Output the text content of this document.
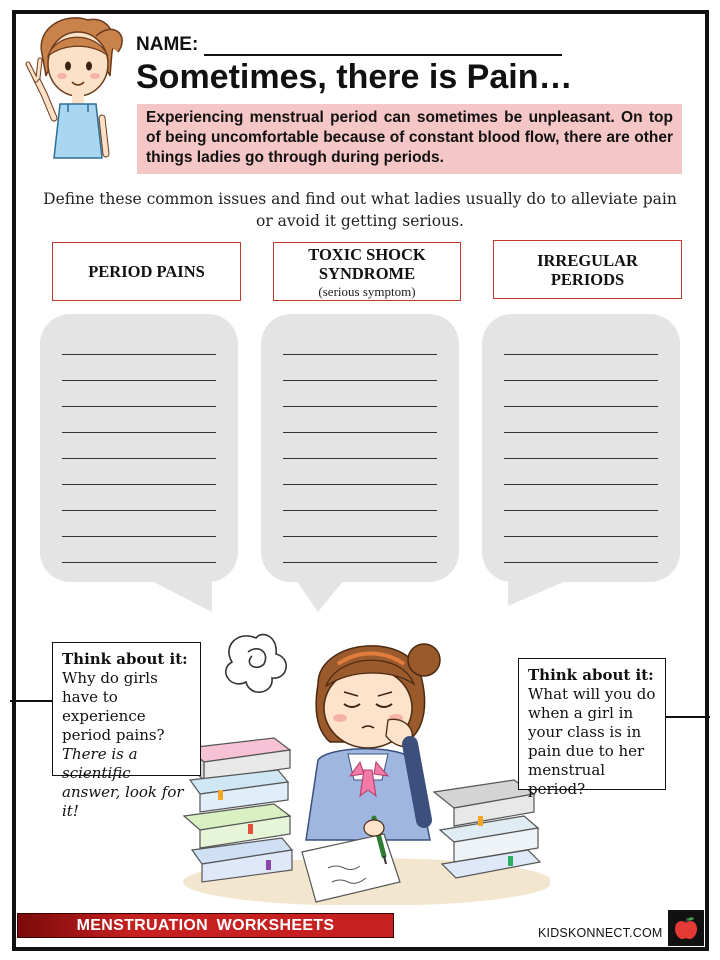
NAME:
Sometimes, there is Pain…

Experiencing menstrual period can sometimes be unpleasant. On top of being uncomfortable because of constant blood flow, there are other things ladies go through during periods.

Define these common issues and find out what ladies usually do to alleviate pain or avoid it getting serious.

PERIOD PAINS
TOXIC SHOCK SYNDROME
(serious symptom)
IRREGULAR PERIODS
Think about it:
Why do girls have to experience period pains? There is a scientific answer, look for it!
Think about it:
What will you do when a girl in your class is in pain due to her menstrual period?
MENSTRUATION WORKSHEETS	KIDSKONNECT.COM
